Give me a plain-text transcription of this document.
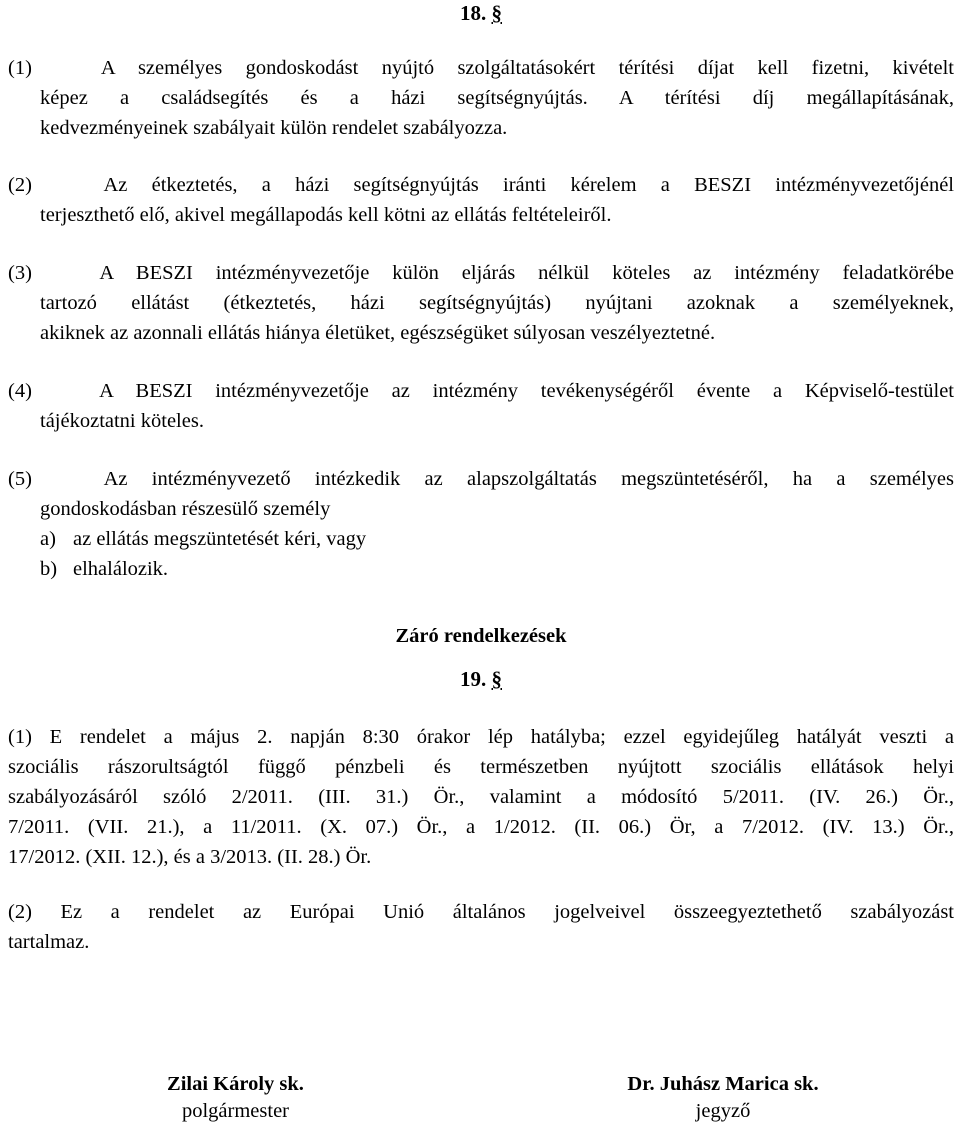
18. §
(1)	A személyes gondoskodást nyújtó szolgáltatásokért térítési díjat kell fizetni, kivételt
képez a családsegítés és a házi segítségnyújtás. A térítési díj megállapításának,
kedvezményeinek szabályait külön rendelet szabályozza.
(2)	Az étkeztetés, a házi segítségnyújtás iránti kérelem a BESZI intézményvezetőjénél
terjeszthető elő, akivel megállapodás kell kötni az ellátás feltételeiről.
(3)	A BESZI intézményvezetője külön eljárás nélkül köteles az intézmény feladatkörébe
tartozó ellátást (étkeztetés, házi segítségnyújtás) nyújtani azoknak a személyeknek,
akiknek az azonnali ellátás hiánya életüket, egészségüket súlyosan veszélyeztetné.
(4)	A BESZI intézményvezetője az intézmény tevékenységéről évente a Képviselő-testület
tájékoztatni köteles.
(5)	Az intézményvezető intézkedik az alapszolgáltatás megszüntetéséről, ha a személyes
gondoskodásban részesülő személy
a) az ellátás megszüntetését kéri, vagy
b) elhalálozik.
Záró rendelkezések
19. §
(1) E rendelet a május 2. napján 8:30 órakor lép hatályba; ezzel egyidejűleg hatályát veszti a
szociális rászorultságtól függő pénzbeli és természetben nyújtott szociális ellátások helyi
szabályozásáról szóló 2/2011. (III. 31.) Ör., valamint a módosító 5/2011. (IV. 26.) Ör.,
7/2011. (VII. 21.), a 11/2011. (X. 07.) Ör., a 1/2012. (II. 06.) Ör, a 7/2012. (IV. 13.) Ör.,
17/2012. (XII. 12.), és a 3/2013. (II. 28.) Ör.
(2) Ez a rendelet az Európai Unió általános jogelveivel összeegyeztethető szabályozást
tartalmaz.
Zilai Károly sk.
polgármester
Dr. Juhász Marica sk.
jegyző
